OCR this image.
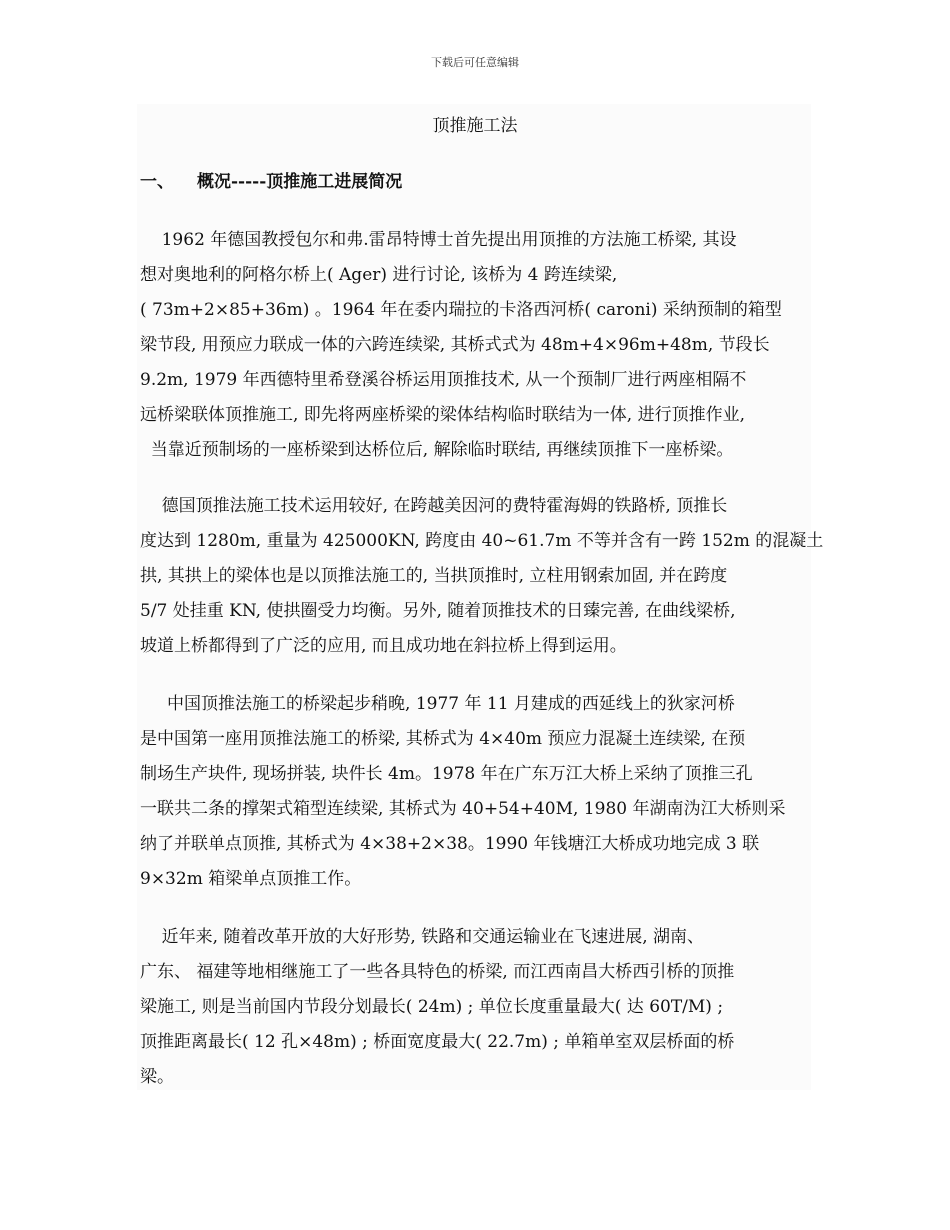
下载后可任意编辑
顶推施工法
一、 概况-----顶推施工进展简况
1962 年德国教授包尔和弗.雷昂特博士首先提出用顶推的方法施工桥梁, 其设
想对奥地利的阿格尔桥上( Ager) 进行讨论, 该桥为 4 跨连续梁,
( 73m+2×85+36m) 。1964 年在委内瑞拉的卡洛西河桥( caroni) 采纳预制的箱型
梁节段, 用预应力联成一体的六跨连续梁, 其桥式式为 48m+4×96m+48m, 节段长
9.2m, 1979 年西德特里希登溪谷桥运用顶推技术, 从一个预制厂进行两座相隔不
远桥梁联体顶推施工, 即先将两座桥梁的梁体结构临时联结为一体, 进行顶推作业,
当靠近预制场的一座桥梁到达桥位后, 解除临时联结, 再继续顶推下一座桥梁。
德国顶推法施工技术运用较好, 在跨越美因河的费特霍海姆的铁路桥, 顶推长
度达到 1280m, 重量为 425000KN, 跨度由 40~61.7m 不等并含有一跨 152m 的混凝土
拱, 其拱上的梁体也是以顶推法施工的, 当拱顶推时, 立柱用钢索加固, 并在跨度
5/7 处挂重 KN, 使拱圈受力均衡。另外, 随着顶推技术的日臻完善, 在曲线梁桥,
坡道上桥都得到了广泛的应用, 而且成功地在斜拉桥上得到运用。
中国顶推法施工的桥梁起步稍晚, 1977 年 11 月建成的西延线上的狄家河桥
是中国第一座用顶推法施工的桥梁, 其桥式为 4×40m 预应力混凝土连续梁, 在预
制场生产块件, 现场拼装, 块件长 4m。1978 年在广东万江大桥上采纳了顶推三孔
一联共二条的撑架式箱型连续梁, 其桥式为 40+54+40M, 1980 年湖南沩江大桥则采
纳了并联单点顶推, 其桥式为 4×38+2×38。1990 年钱塘江大桥成功地完成 3 联
9×32m 箱梁单点顶推工作。
近年来, 随着改革开放的大好形势, 铁路和交通运输业在飞速进展, 湖南、
广东、 福建等地相继施工了一些各具特色的桥梁, 而江西南昌大桥西引桥的顶推
梁施工, 则是当前国内节段分划最长( 24m) ; 单位长度重量最大( 达 60T/M) ;
顶推距离最长( 12 孔×48m) ; 桥面宽度最大( 22.7m) ; 单箱单室双层桥面的桥
梁。
